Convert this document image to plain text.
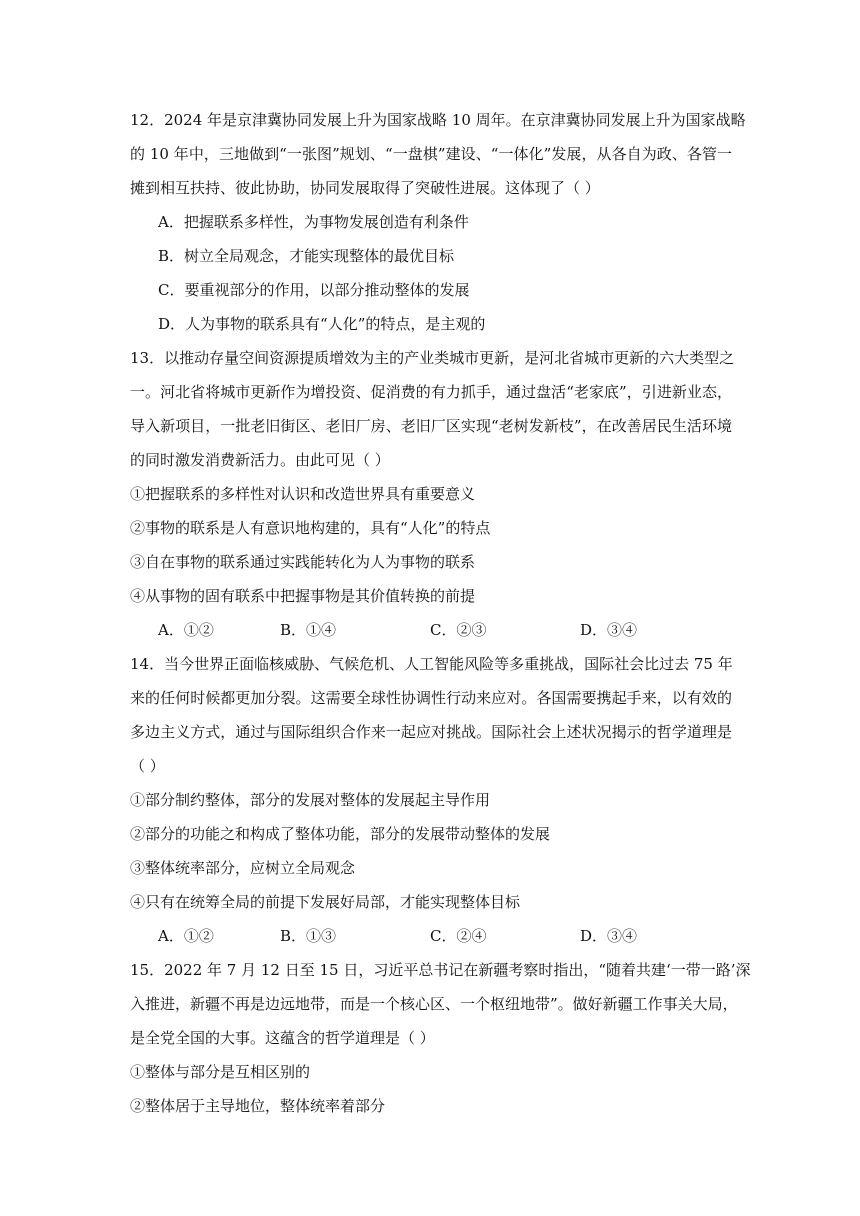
12．2024 年是京津冀协同发展上升为国家战略 10 周年。在京津冀协同发展上升为国家战略
的 10 年中，三地做到“一张图”规划、“一盘棋”建设、“一体化”发展，从各自为政、各管一
摊到相互扶持、彼此协助，协同发展取得了突破性进展。这体现了（ ）
A．把握联系多样性，为事物发展创造有利条件
B．树立全局观念，才能实现整体的最优目标
C．要重视部分的作用，以部分推动整体的发展
D．人为事物的联系具有“人化”的特点，是主观的
13．以推动存量空间资源提质增效为主的产业类城市更新，是河北省城市更新的六大类型之
一。河北省将城市更新作为增投资、促消费的有力抓手，通过盘活“老家底”，引进新业态，
导入新项目，一批老旧街区、老旧厂房、老旧厂区实现“老树发新枝”，在改善居民生活环境
的同时激发消费新活力。由此可见（ ）
①把握联系的多样性对认识和改造世界具有重要意义
②事物的联系是人有意识地构建的，具有“人化”的特点
③自在事物的联系通过实践能转化为人为事物的联系
④从事物的固有联系中把握事物是其价值转换的前提
A．①②	B．①④	C．②③	D．③④
14．当今世界正面临核威胁、气候危机、人工智能风险等多重挑战，国际社会比过去 75 年
来的任何时候都更加分裂。这需要全球性协调性行动来应对。各国需要携起手来，以有效的
多边主义方式，通过与国际组织合作来一起应对挑战。国际社会上述状况揭示的哲学道理是
（ ）
①部分制约整体，部分的发展对整体的发展起主导作用
②部分的功能之和构成了整体功能，部分的发展带动整体的发展
③整体统率部分，应树立全局观念
④只有在统筹全局的前提下发展好局部，才能实现整体目标
A．①②	B．①③	C．②④	D．③④
15．2022 年 7 月 12 日至 15 日，习近平总书记在新疆考察时指出，“随着共建‘一带一路’深
入推进，新疆不再是边远地带，而是一个核心区、一个枢纽地带”。做好新疆工作事关大局，
是全党全国的大事。这蕴含的哲学道理是（ ）
①整体与部分是互相区别的
②整体居于主导地位，整体统率着部分
